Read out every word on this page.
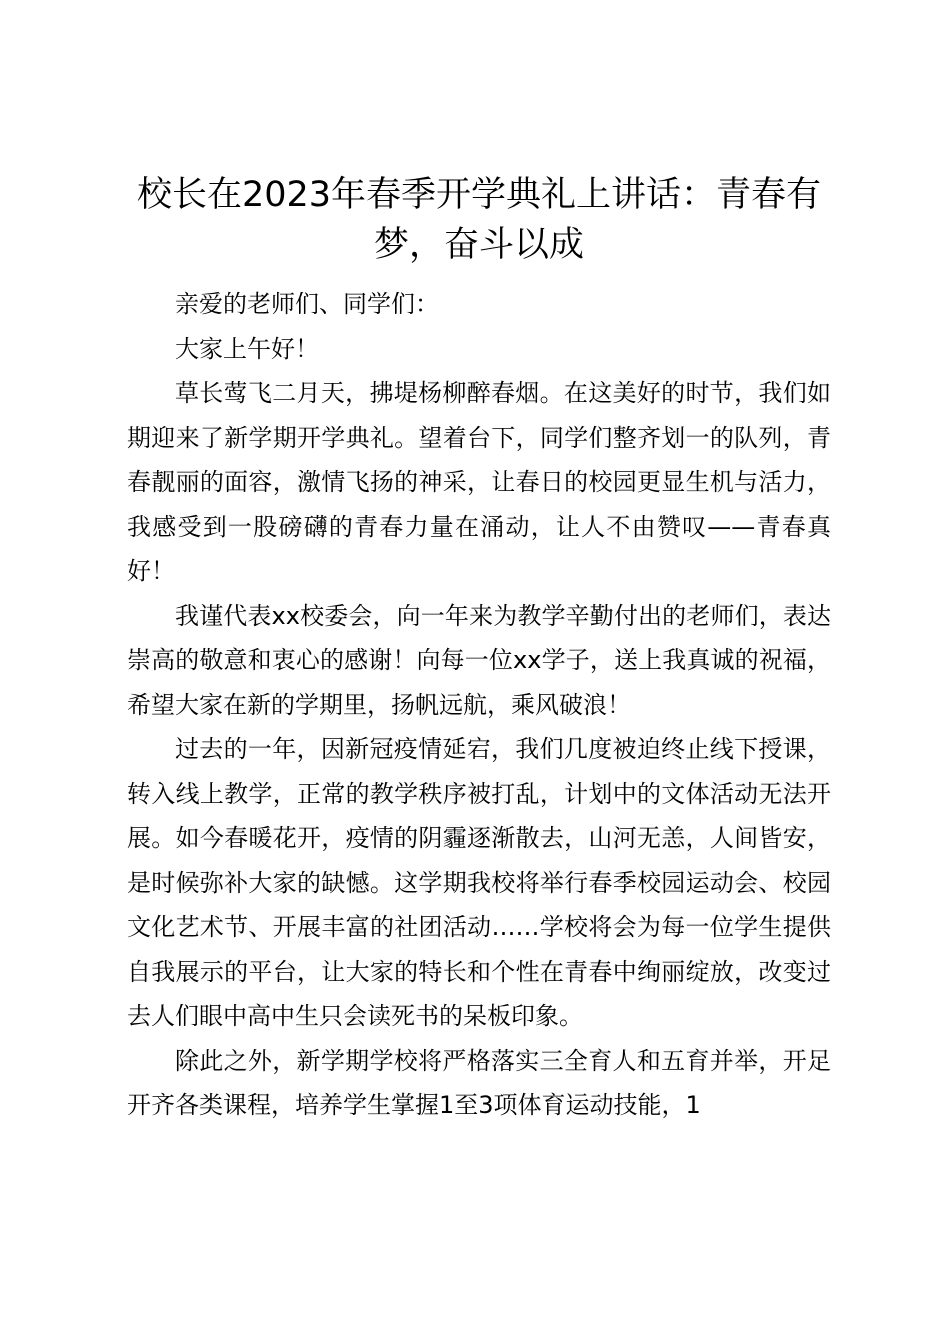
校长在2023年春季开学典礼上讲话：青春有梦，奋斗以成

亲爱的老师们、同学们：

大家上午好！

草长莺飞二月天，拂堤杨柳醉春烟。在这美好的时节，我们如期迎来了新学期开学典礼。望着台下，同学们整齐划一的队列，青春靓丽的面容，激情飞扬的神采，让春日的校园更显生机与活力，我感受到一股磅礴的青春力量在涌动，让人不由赞叹——青春真好！

我谨代表xx校委会，向一年来为教学辛勤付出的老师们，表达崇高的敬意和衷心的感谢！向每一位xx学子，送上我真诚的祝福，希望大家在新的学期里，扬帆远航，乘风破浪！

过去的一年，因新冠疫情延宕，我们几度被迫终止线下授课，转入线上教学，正常的教学秩序被打乱，计划中的文体活动无法开展。如今春暖花开，疫情的阴霾逐渐散去，山河无恙，人间皆安，是时候弥补大家的缺憾。这学期我校将举行春季校园运动会、校园文化艺术节、开展丰富的社团活动……学校将会为每一位学生提供自我展示的平台，让大家的特长和个性在青春中绚丽绽放，改变过去人们眼中高中生只会读死书的呆板印象。

除此之外，新学期学校将严格落实三全育人和五育并举，开足开齐各类课程，培养学生掌握1至3项体育运动技能，1
